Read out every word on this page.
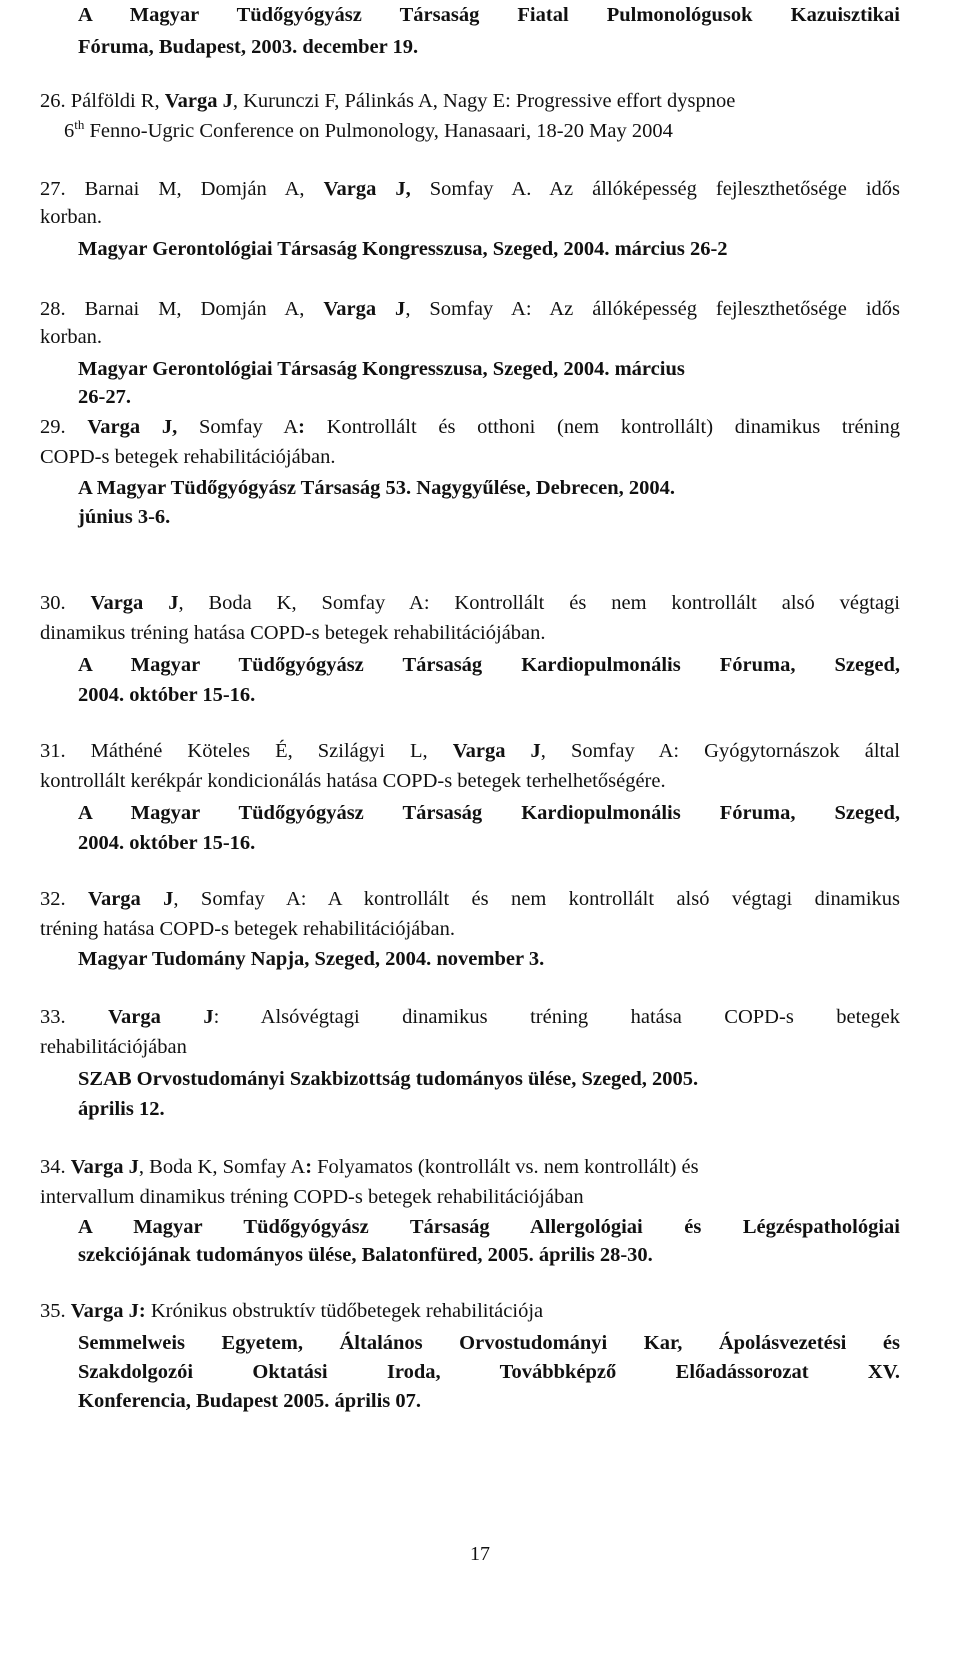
A Magyar Tüdőgyógyász Társaság Fiatal Pulmonológusok Kazuisztikai
Fóruma, Budapest, 2003. december 19.
26. Pálföldi R, Varga J, Kurunczi F, Pálinkás A, Nagy E: Progressive effort dyspnoe
6th Fenno-Ugric Conference on Pulmonology, Hanasaari, 18-20 May 2004
27. Barnai M, Domján A, Varga J, Somfay A. Az állóképesség fejleszthetősége idős
korban.
Magyar Gerontológiai Társaság Kongresszusa, Szeged, 2004. március 26-2
28. Barnai M, Domján A, Varga J, Somfay A: Az állóképesség fejleszthetősége idős
korban.
Magyar Gerontológiai Társaság Kongresszusa, Szeged, 2004. március
26-27.
29. Varga J, Somfay A: Kontrollált és otthoni (nem kontrollált) dinamikus tréning
COPD-s betegek rehabilitációjában.
A Magyar Tüdőgyógyász Társaság 53. Nagygyűlése, Debrecen, 2004.
június 3-6.
30. Varga J, Boda K, Somfay A: Kontrollált és nem kontrollált alsó végtagi
dinamikus tréning hatása COPD-s betegek rehabilitációjában.
A Magyar Tüdőgyógyász Társaság Kardiopulmonális Fóruma, Szeged,
2004. október 15-16.
31. Máthéné Köteles É, Szilágyi L, Varga J, Somfay A: Gyógytornászok által
kontrollált kerékpár kondicionálás hatása COPD-s betegek terhelhetőségére.
A Magyar Tüdőgyógyász Társaság Kardiopulmonális Fóruma, Szeged,
2004. október 15-16.
32. Varga J, Somfay A: A kontrollált és nem kontrollált alsó végtagi dinamikus
tréning hatása COPD-s betegek rehabilitációjában.
Magyar Tudomány Napja, Szeged, 2004. november 3.
33. Varga J: Alsóvégtagi dinamikus tréning hatása COPD-s betegek
rehabilitációjában
SZAB Orvostudományi Szakbizottság tudományos ülése, Szeged, 2005.
április 12.
34. Varga J, Boda K, Somfay A: Folyamatos (kontrollált vs. nem kontrollált) és
intervallum dinamikus tréning COPD-s betegek rehabilitációjában
A Magyar Tüdőgyógyász Társaság Allergológiai és Légzéspathológiai
szekciójának tudományos ülése, Balatonfüred, 2005. április 28-30.
35. Varga J: Krónikus obstruktív tüdőbetegek rehabilitációja
Semmelweis Egyetem, Általános Orvostudományi Kar, Ápolásvezetési és
Szakdolgozói Oktatási Iroda, Továbbképző Előadássorozat XV.
Konferencia, Budapest 2005. április 07.
17
